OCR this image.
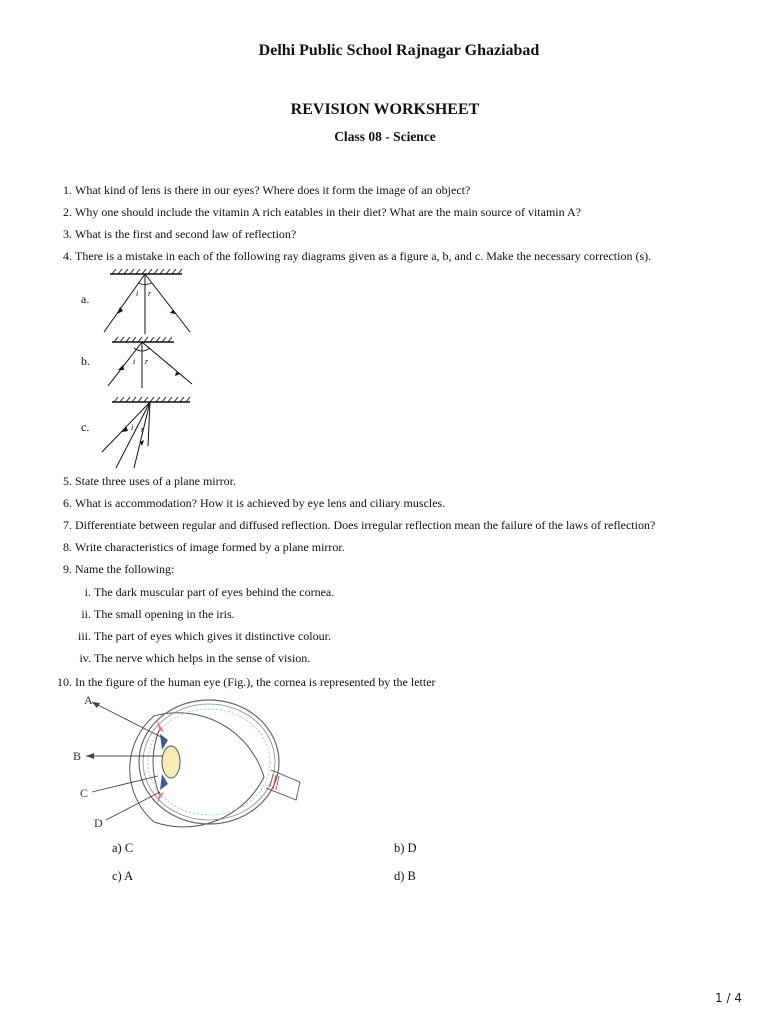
Delhi Public School Rajnagar Ghaziabad
REVISION WORKSHEET
Class 08 - Science
1. What kind of lens is there in our eyes? Where does it form the image of an object?
2. Why one should include the vitamin A rich eatables in their diet? What are the main source of vitamin A?
3. What is the first and second law of reflection?
4. There is a mistake in each of the following ray diagrams given as a figure a, b, and c. Make the necessary correction (s).
a.
b.
c.
i r
i r
i r
5. State three uses of a plane mirror.
6. What is accommodation? How it is achieved by eye lens and ciliary muscles.
7. Differentiate between regular and diffused reflection. Does irregular reflection mean the failure of the laws of reflection?
8. Write characteristics of image formed by a plane mirror.
9. Name the following:
i. The dark muscular part of eyes behind the cornea.
ii. The small opening in the iris.
iii. The part of eyes which gives it distinctive colour.
iv. The nerve which helps in the sense of vision.
10. In the figure of the human eye (Fig.), the cornea is represented by the letter
A
B
C
D
a) C	b) D
c) A	d) B
1 / 4
